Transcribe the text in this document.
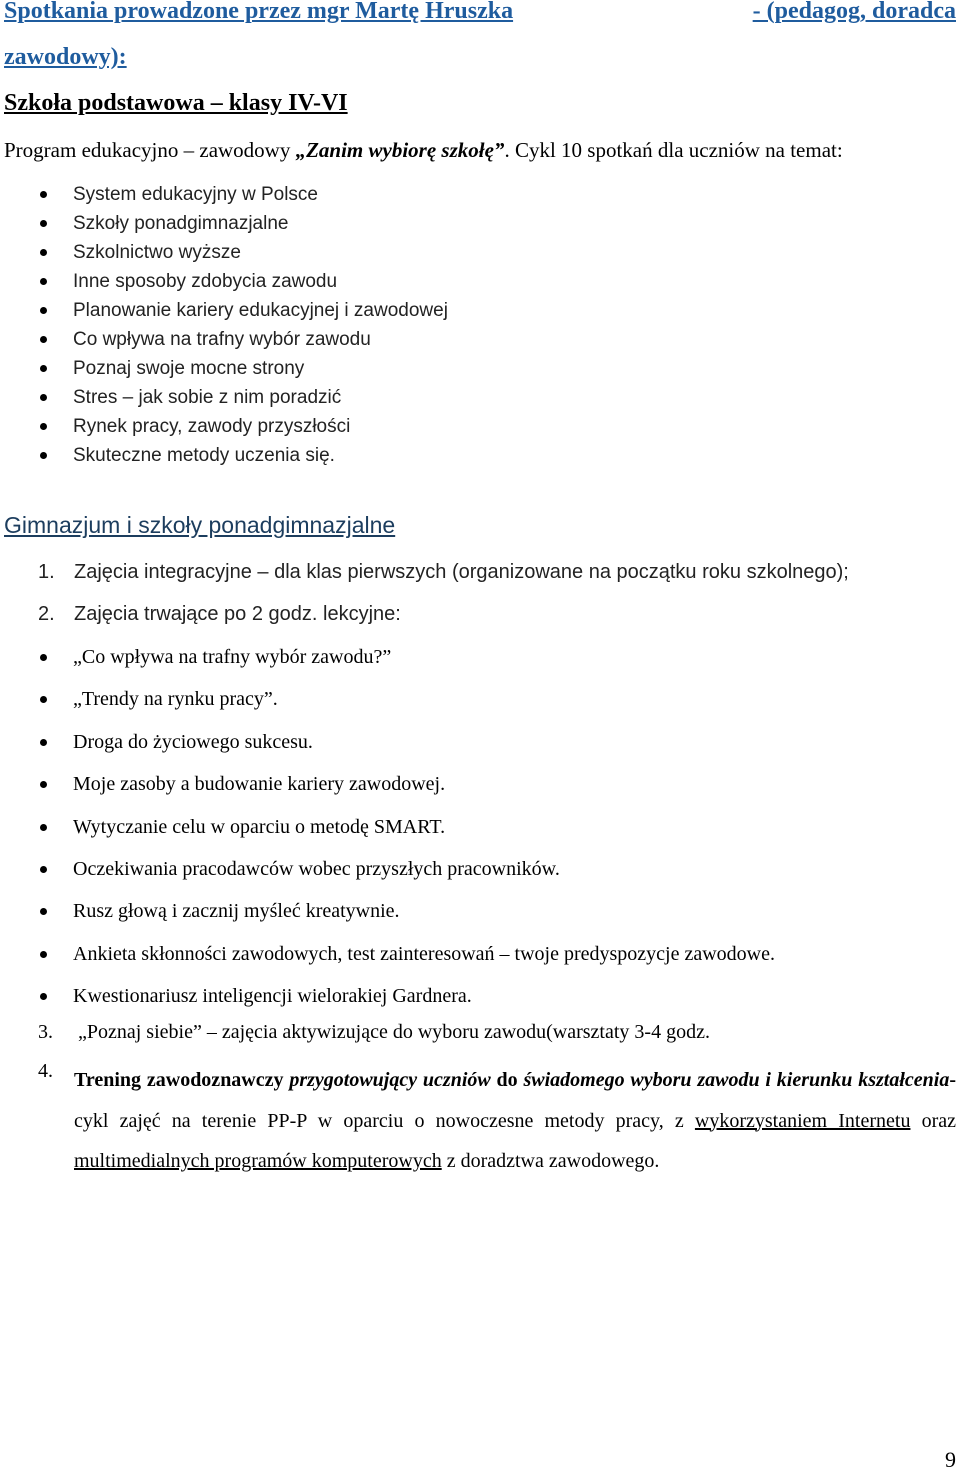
Spotkania prowadzone przez mgr Martę Hruszka	- (pedagog, doradca
zawodowy):
Szkoła podstawowa – klasy IV-VI
Program edukacyjno – zawodowy „Zanim wybiorę szkołę”. Cykl 10 spotkań dla uczniów na temat:
System edukacyjny w Polsce
Szkoły ponadgimnazjalne
Szkolnictwo wyższe
Inne sposoby zdobycia zawodu
Planowanie kariery edukacyjnej i zawodowej
Co wpływa na trafny wybór zawodu
Poznaj swoje mocne strony
Stres – jak sobie z nim poradzić
Rynek pracy, zawody przyszłości
Skuteczne metody uczenia się.
Gimnazjum i szkoły ponadgimnazjalne
1. Zajęcia integracyjne – dla klas pierwszych (organizowane na początku roku szkolnego);
2. Zajęcia trwające po 2 godz. lekcyjne:
„Co wpływa na trafny wybór zawodu?”
„Trendy na rynku pracy”.
Droga do życiowego sukcesu.
Moje zasoby a budowanie kariery zawodowej.
Wytyczanie celu w oparciu o metodę SMART.
Oczekiwania pracodawców wobec przyszłych pracowników.
Rusz głową i zacznij myśleć kreatywnie.
Ankieta skłonności zawodowych, test zainteresowań – twoje predyspozycje zawodowe.
Kwestionariusz inteligencji wielorakiej Gardnera.
3. „Poznaj siebie” – zajęcia aktywizujące do wyboru zawodu(warsztaty 3-4 godz.
4. Trening zawodoznawczy przygotowujący uczniów do świadomego wyboru zawodu i kierunku kształcenia- cykl zajęć na terenie PP-P w oparciu o nowoczesne metody pracy, z wykorzystaniem Internetu oraz multimedialnych programów komputerowych z doradztwa zawodowego.
9
